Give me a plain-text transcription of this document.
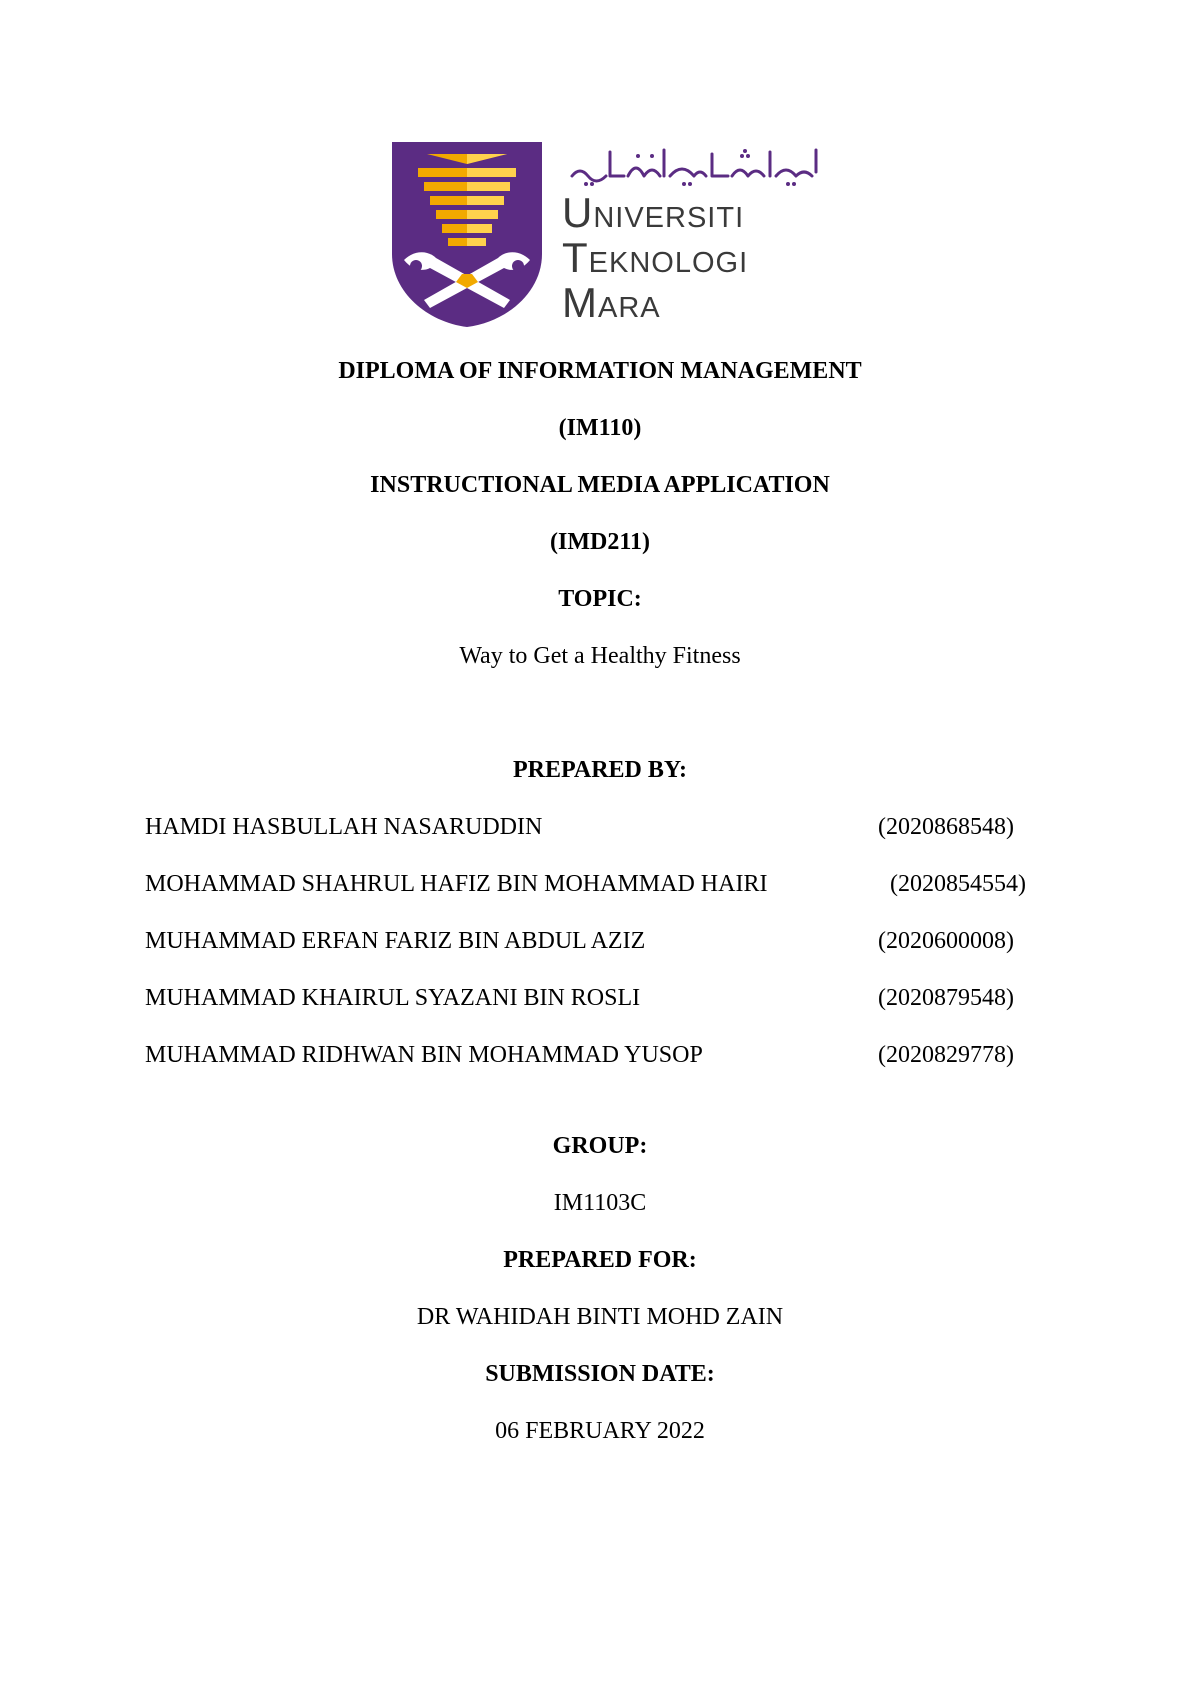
Universiti
Teknologi
Mara
DIPLOMA OF INFORMATION MANAGEMENT
(IM110)
INSTRUCTIONAL MEDIA APPLICATION
(IMD211)
TOPIC:
Way to Get a Healthy Fitness
PREPARED BY:
HAMDI HASBULLAH NASARUDDIN	(2020868548)
MOHAMMAD SHAHRUL HAFIZ BIN MOHAMMAD HAIRI	(2020854554)
MUHAMMAD ERFAN FARIZ BIN ABDUL AZIZ	(2020600008)
MUHAMMAD KHAIRUL SYAZANI BIN ROSLI	(2020879548)
MUHAMMAD RIDHWAN BIN MOHAMMAD YUSOP	(2020829778)
GROUP:
IM1103C
PREPARED FOR:
DR WAHIDAH BINTI MOHD ZAIN
SUBMISSION DATE:
06 FEBRUARY 2022
